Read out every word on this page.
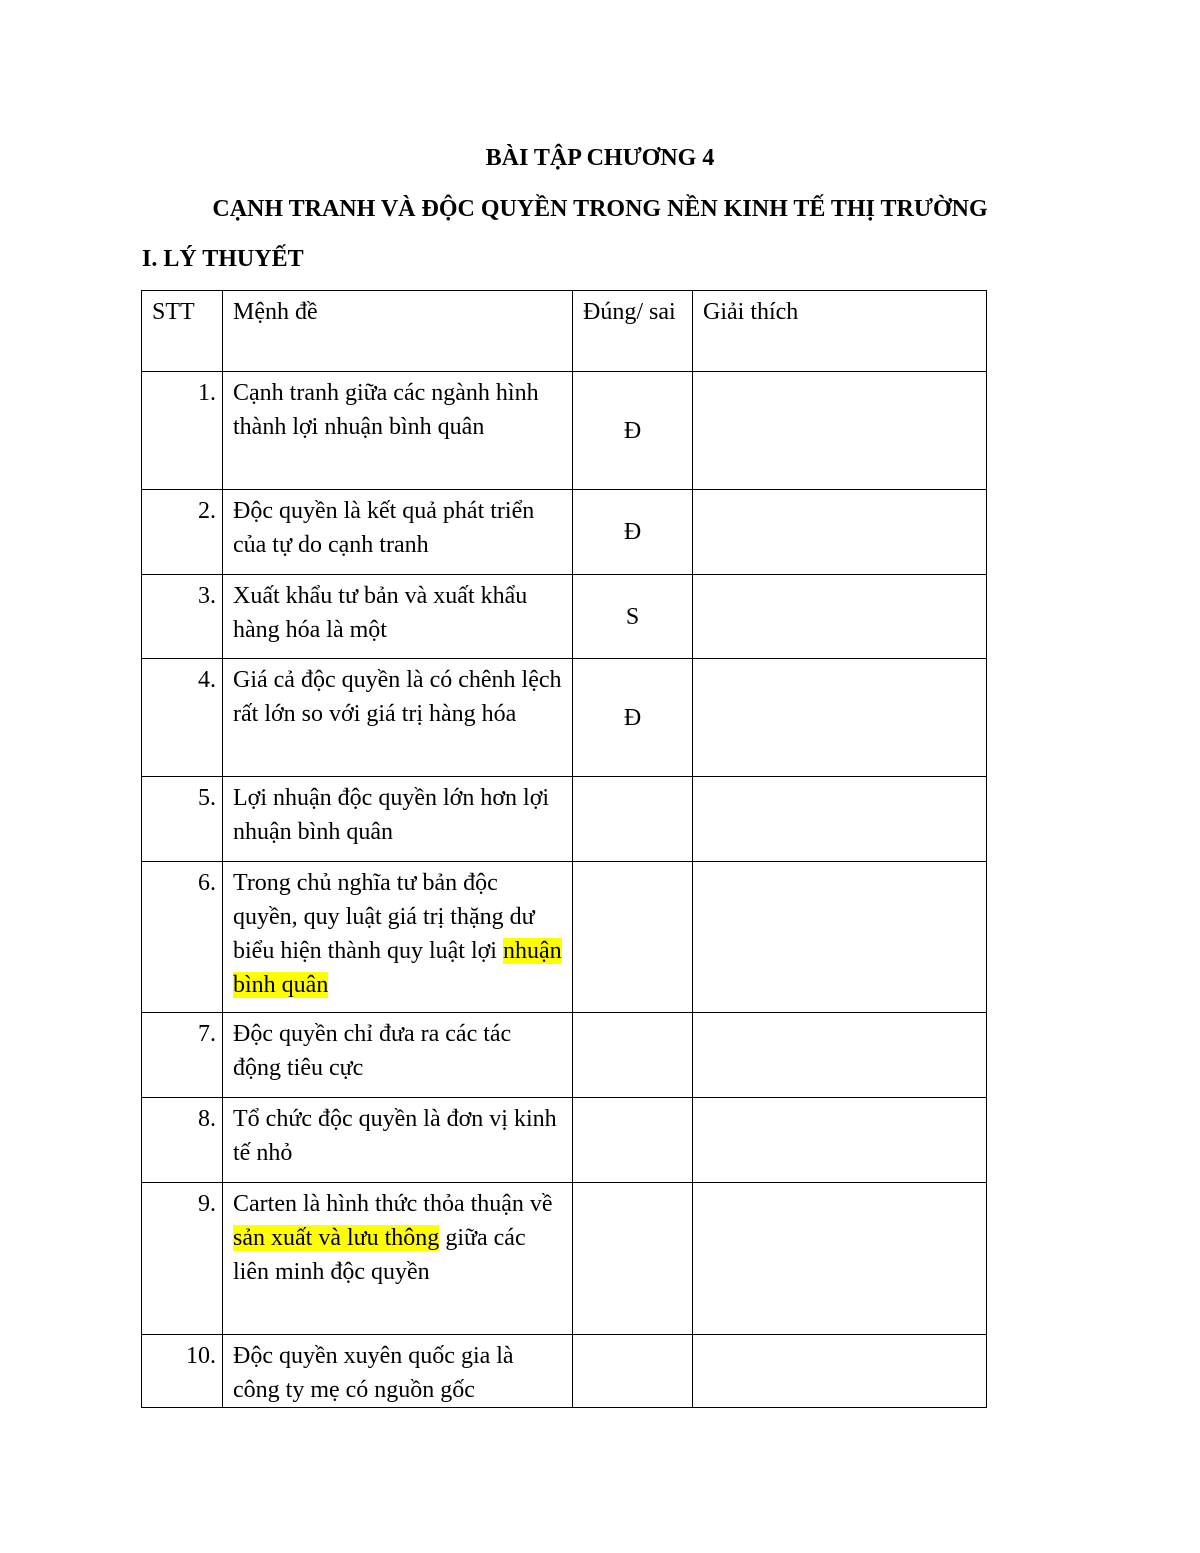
BÀI TẬP CHƯƠNG 4
CẠNH TRANH VÀ ĐỘC QUYỀN TRONG NỀN KINH TẾ THỊ TRƯỜNG
I. LÝ THUYẾT
STT	Mệnh đề	Đúng/ sai	Giải thích
1.	Cạnh tranh giữa các ngành hình thành lợi nhuận bình quân	Đ	
2.	Độc quyền là kết quả phát triển của tự do cạnh tranh	Đ	
3.	Xuất khẩu tư bản và xuất khẩu hàng hóa là một	S	
4.	Giá cả độc quyền là có chênh lệch rất lớn so với giá trị hàng hóa	Đ	
5.	Lợi nhuận độc quyền lớn hơn lợi nhuận bình quân		
6.	Trong chủ nghĩa tư bản độc quyền, quy luật giá trị thặng dư biểu hiện thành quy luật lợi nhuận bình quân		
7.	Độc quyền chỉ đưa ra các tác động tiêu cực		
8.	Tổ chức độc quyền là đơn vị kinh tế nhỏ		
9.	Carten là hình thức thỏa thuận về sản xuất và lưu thông giữa các liên minh độc quyền		
10.	Độc quyền xuyên quốc gia là công ty mẹ có nguồn gốc		
